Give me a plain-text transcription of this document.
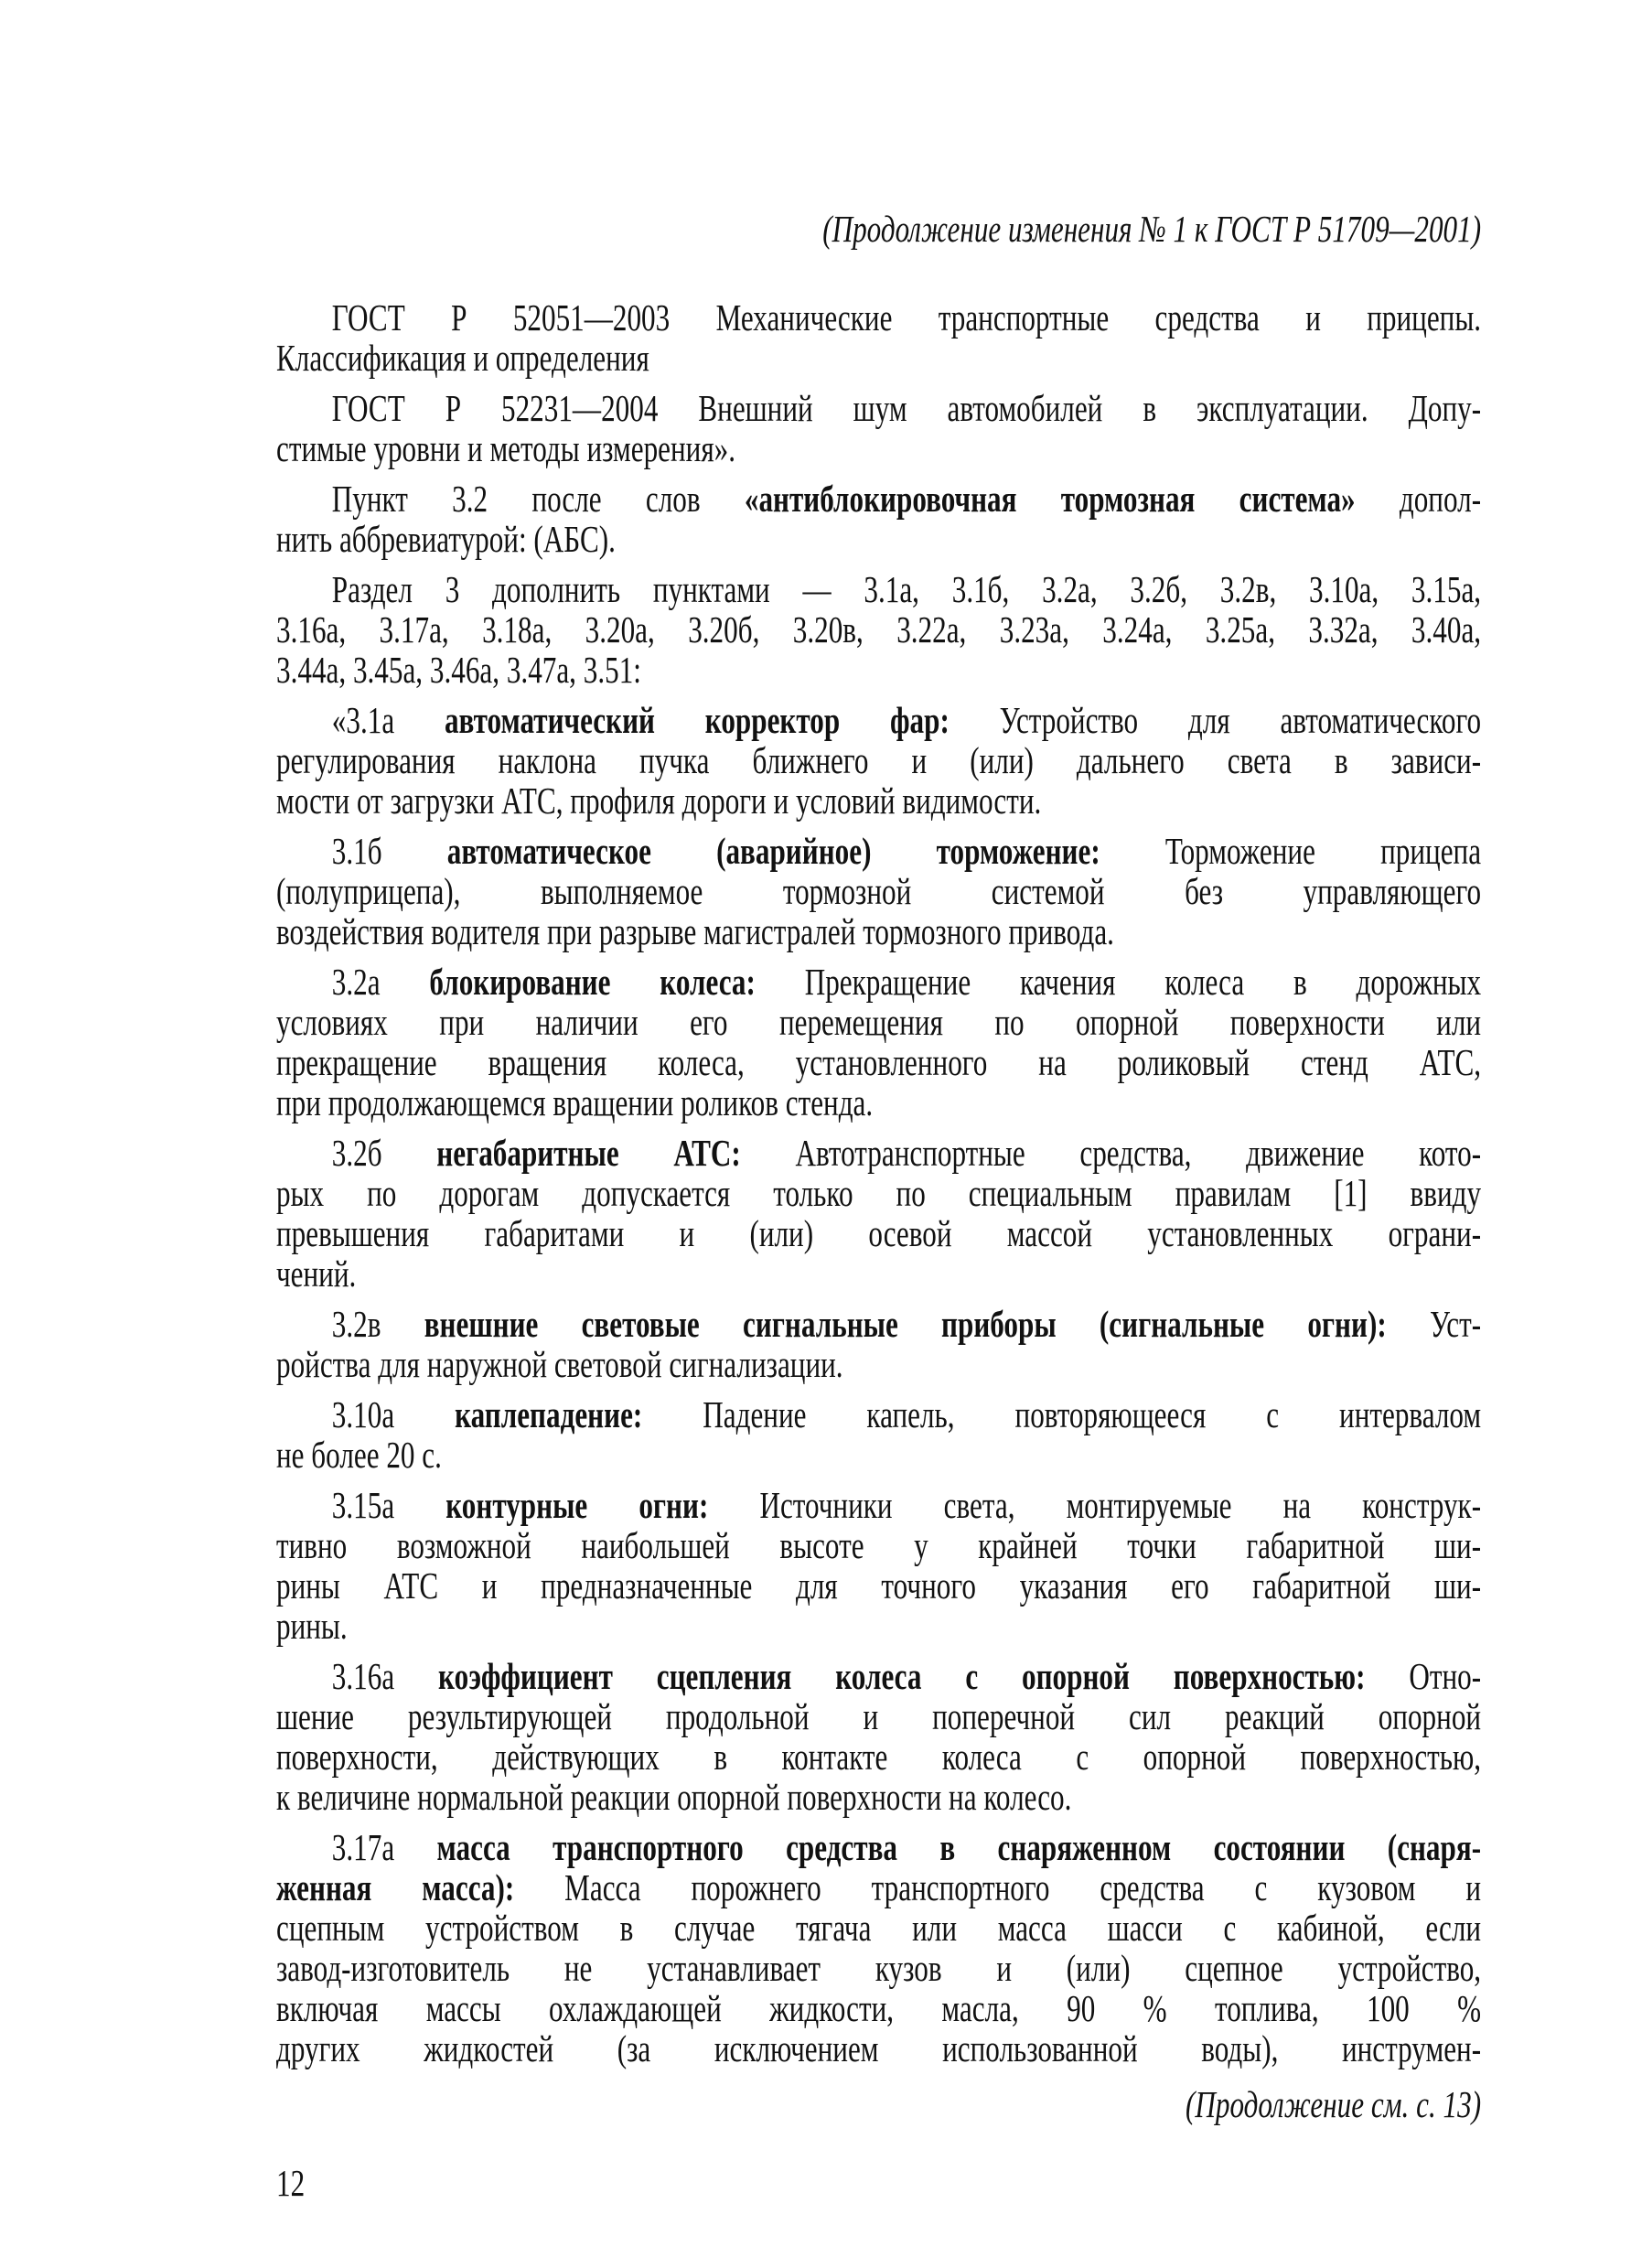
(Продолжение изменения № 1 к ГОСТ Р 51709—2001)
ГОСТ Р 52051—2003 Механические транспортные средства и прицепы.
Классификация и определения
ГОСТ Р 52231—2004 Внешний шум автомобилей в эксплуатации. Допу-
стимые уровни и методы измерения».
Пункт 3.2 после слов «антиблокировочная тормозная система» допол-
нить аббревиатурой: (АБС).
Раздел 3 дополнить пунктами — 3.1а, 3.1б, 3.2а, 3.2б, 3.2в, 3.10а, 3.15а,
3.16а, 3.17а, 3.18а, 3.20а, 3.20б, 3.20в, 3.22а, 3.23а, 3.24а, 3.25а, 3.32а, 3.40а,
3.44а, 3.45а, 3.46а, 3.47а, 3.51:
«3.1а автоматический корректор фар: Устройство для автоматического
регулирования наклона пучка ближнего и (или) дальнего света в зависи-
мости от загрузки АТС, профиля дороги и условий видимости.
3.1б автоматическое (аварийное) торможение: Торможение прицепа
(полуприцепа), выполняемое тормозной системой без управляющего
воздействия водителя при разрыве магистралей тормозного привода.
3.2а блокирование колеса: Прекращение качения колеса в дорожных
условиях при наличии его перемещения по опорной поверхности или
прекращение вращения колеса, установленного на роликовый стенд АТС,
при продолжающемся вращении роликов стенда.
3.2б негабаритные АТС: Автотранспортные средства, движение кото-
рых по дорогам допускается только по специальным правилам [1] ввиду
превышения габаритами и (или) осевой массой установленных ограни-
чений.
3.2в внешние световые сигнальные приборы (сигнальные огни): Уст-
ройства для наружной световой сигнализации.
3.10а каплепадение: Падение капель, повторяющееся с интервалом
не более 20 с.
3.15а контурные огни: Источники света, монтируемые на конструк-
тивно возможной наибольшей высоте у крайней точки габаритной ши-
рины АТС и предназначенные для точного указания его габаритной ши-
рины.
3.16а коэффициент сцепления колеса с опорной поверхностью: Отно-
шение результирующей продольной и поперечной сил реакций опорной
поверхности, действующих в контакте колеса с опорной поверхностью,
к величине нормальной реакции опорной поверхности на колесо.
3.17а масса транспортного средства в снаряженном состоянии (снаря-
женная масса): Масса порожнего транспортного средства с кузовом и
сцепным устройством в случае тягача или масса шасси с кабиной, если
завод-изготовитель не устанавливает кузов и (или) сцепное устройство,
включая массы охлаждающей жидкости, масла, 90 % топлива, 100 %
других жидкостей (за исключением использованной воды), инструмен-
(Продолжение см. с. 13)
12
